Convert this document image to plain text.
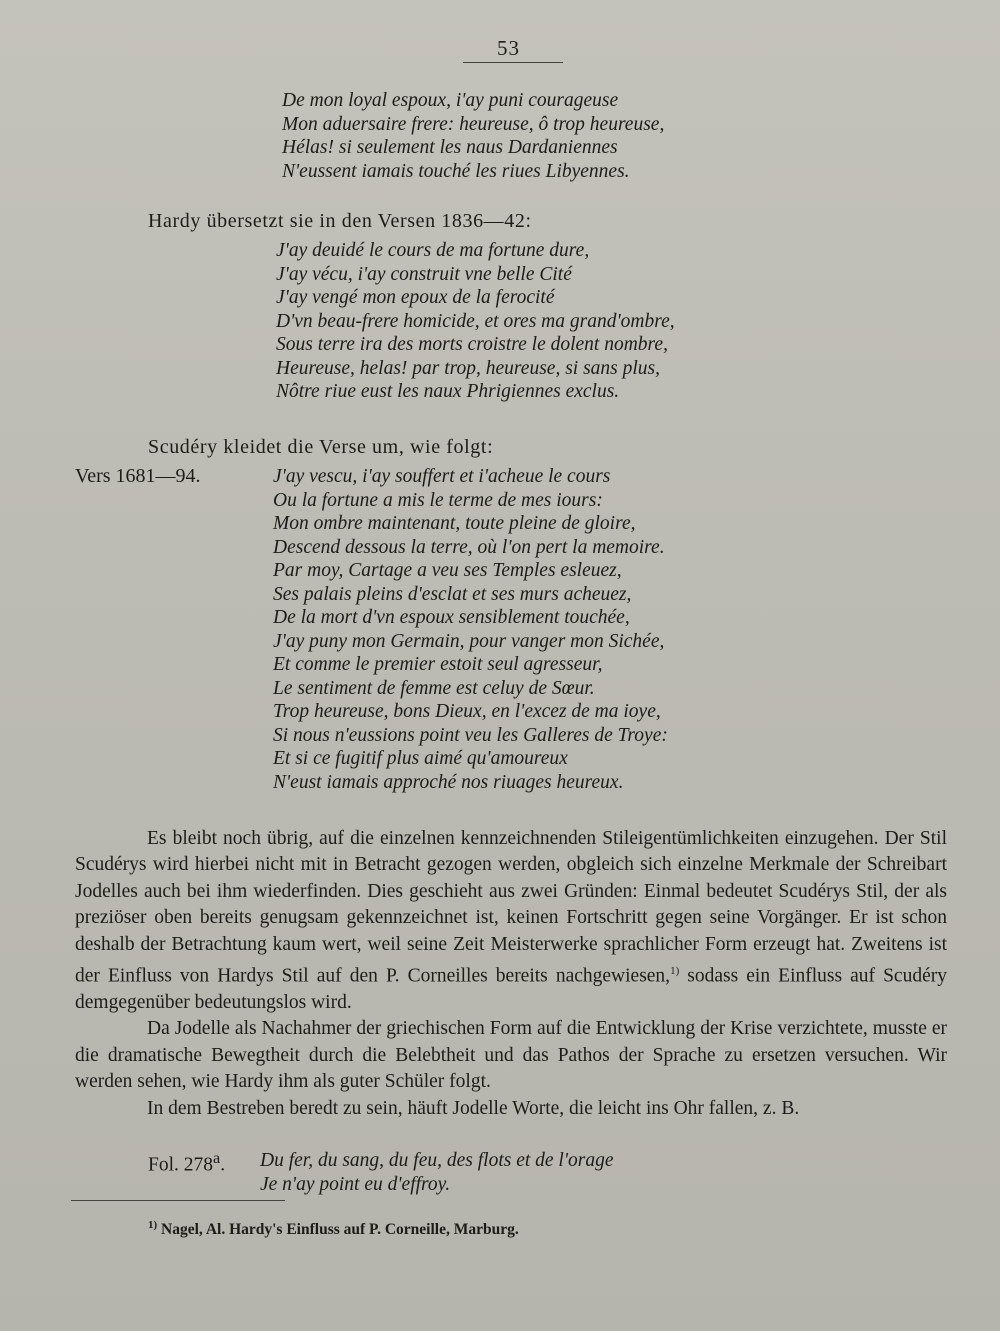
53
De mon loyal espoux, i'ay puni courageuse
Mon aduersaire frere: heureuse, ô trop heureuse,
Hélas! si seulement les naus Dardaniennes
N'eussent iamais touché les riues Libyennes.
Hardy übersetzt sie in den Versen 1836—42:
J'ay deuidé le cours de ma fortune dure,
J'ay vécu, i'ay construit vne belle Cité
J'ay vengé mon epoux de la ferocité
D'vn beau-frere homicide, et ores ma grand'ombre,
Sous terre ira des morts croistre le dolent nombre,
Heureuse, helas! par trop, heureuse, si sans plus,
Nôtre riue eust les naux Phrigiennes exclus.
Scudéry kleidet die Verse um, wie folgt:
Vers 1681—94.	J'ay vescu, i'ay souffert et i'acheue le cours
Ou la fortune a mis le terme de mes iours:
Mon ombre maintenant, toute pleine de gloire,
Descend dessous la terre, où l'on pert la memoire.
Par moy, Cartage a veu ses Temples esleuez,
Ses palais pleins d'esclat et ses murs acheuez,
De la mort d'vn espoux sensiblement touchée,
J'ay puny mon Germain, pour vanger mon Sichée,
Et comme le premier estoit seul agresseur,
Le sentiment de femme est celuy de Sœur.
Trop heureuse, bons Dieux, en l'excez de ma ioye,
Si nous n'eussions point veu les Galleres de Troye:
Et si ce fugitif plus aimé qu'amoureux
N'eust iamais approché nos riuages heureux.

Es bleibt noch übrig, auf die einzelnen kennzeichnenden Stileigentümlichkeiten einzugehen. Der Stil Scudérys wird hierbei nicht mit in Betracht gezogen werden, obgleich sich einzelne Merkmale der Schreibart Jodelles auch bei ihm wiederfinden. Dies geschieht aus zwei Gründen: Einmal bedeutet Scudérys Stil, der als preziöser oben bereits genugsam gekennzeichnet ist, keinen Fortschritt gegen seine Vorgänger. Er ist schon deshalb der Betrachtung kaum wert, weil seine Zeit Meisterwerke sprachlicher Form erzeugt hat. Zweitens ist der Einfluss von Hardys Stil auf den P. Corneilles bereits nachgewiesen,$^{1)}$ sodass ein Einfluss auf Scudéry demgegenüber bedeutungslos wird.

Da Jodelle als Nachahmer der griechischen Form auf die Entwicklung der Krise verzichtete, musste er die dramatische Bewegtheit durch die Belebtheit und das Pathos der Sprache zu ersetzen versuchen. Wir werden sehen, wie Hardy ihm als guter Schüler folgt.

In dem Bestreben beredt zu sein, häuft Jodelle Worte, die leicht ins Ohr fallen, z. B.

Fol. 278$^a$. Du fer, du sang, du feu, des flots et de l'orage
Je n'ay point eu d'effroy.
$^{1)}$ Nagel, Al. Hardy's Einfluss auf P. Corneille, Marburg.
